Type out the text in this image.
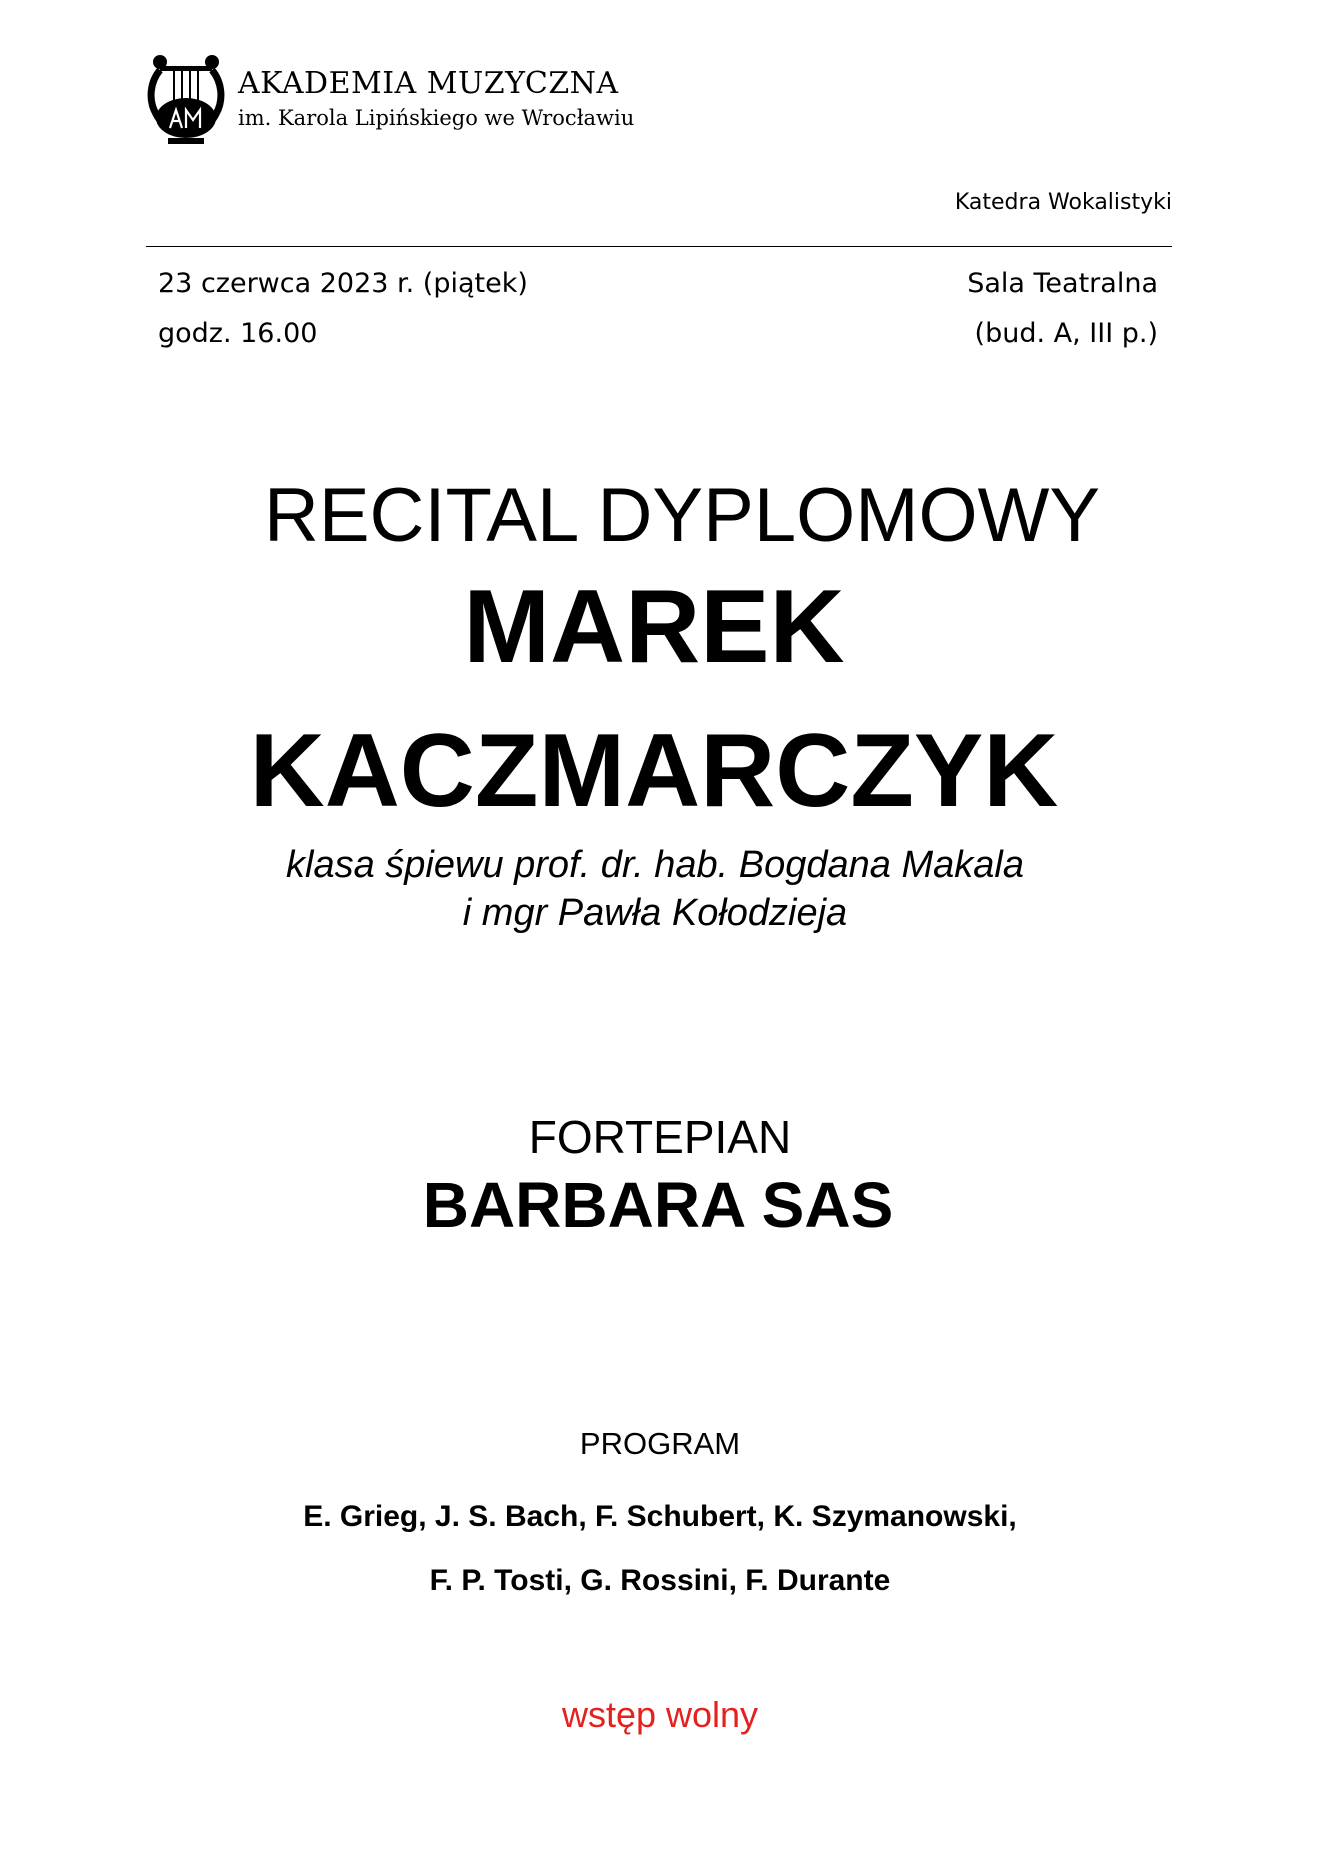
AKADEMIA MUZYCZNA
im. Karola Lipińskiego we Wrocławiu
Katedra Wokalistyki
23 czerwca 2023 r. (piątek)
godz. 16.00
Sala Teatralna
(bud. A, III p.)
RECITAL DYPLOMOWY
MAREK
KACZMARCZYK
klasa śpiewu prof. dr. hab. Bogdana Makala
i mgr Pawła Kołodzieja
FORTEPIAN
BARBARA SAS
PROGRAM
E. Grieg, J. S. Bach, F. Schubert, K. Szymanowski,
F. P. Tosti, G. Rossini, F. Durante
wstęp wolny
